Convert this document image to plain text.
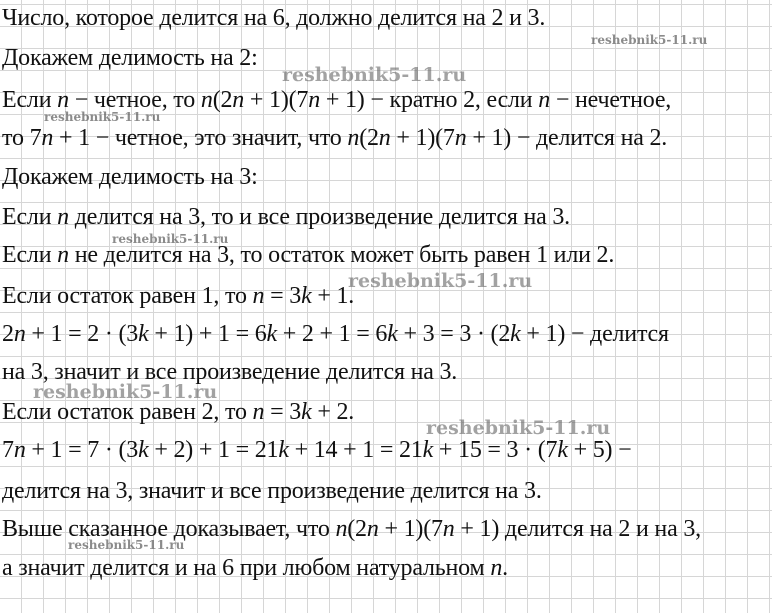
Число, которое делится на 6, должно делится на 2 и 3.
Докажем делимость на 2:
Если n − четное, то n(2n + 1)(7n + 1) − кратно 2, если n − нечетное,
то 7n + 1 − четное, это значит, что n(2n + 1)(7n + 1) − делится на 2.
Докажем делимость на 3:
Если n делится на 3, то и все произведение делится на 3.
Если n не делится на 3, то остаток может быть равен 1 или 2.
Если остаток равен 1, то n = 3k + 1.
2n + 1 = 2 · (3k + 1) + 1 = 6k + 2 + 1 = 6k + 3 = 3 · (2k + 1) − делится
на 3, значит и все произведение делится на 3.
Если остаток равен 2, то n = 3k + 2.
7n + 1 = 7 · (3k + 2) + 1 = 21k + 14 + 1 = 21k + 15 = 3 · (7k + 5) −
делится на 3, значит и все произведение делится на 3.
Выше сказанное доказывает, что n(2n + 1)(7n + 1) делится на 2 и на 3,
а значит делится и на 6 при любом натуральном n.
reshebnik5-11.ru
reshebnik5-11.ru
reshebnik5-11.ru
reshebnik5-11.ru
reshebnik5-11.ru
reshebnik5-11.ru
reshebnik5-11.ru
reshebnik5-11.ru
